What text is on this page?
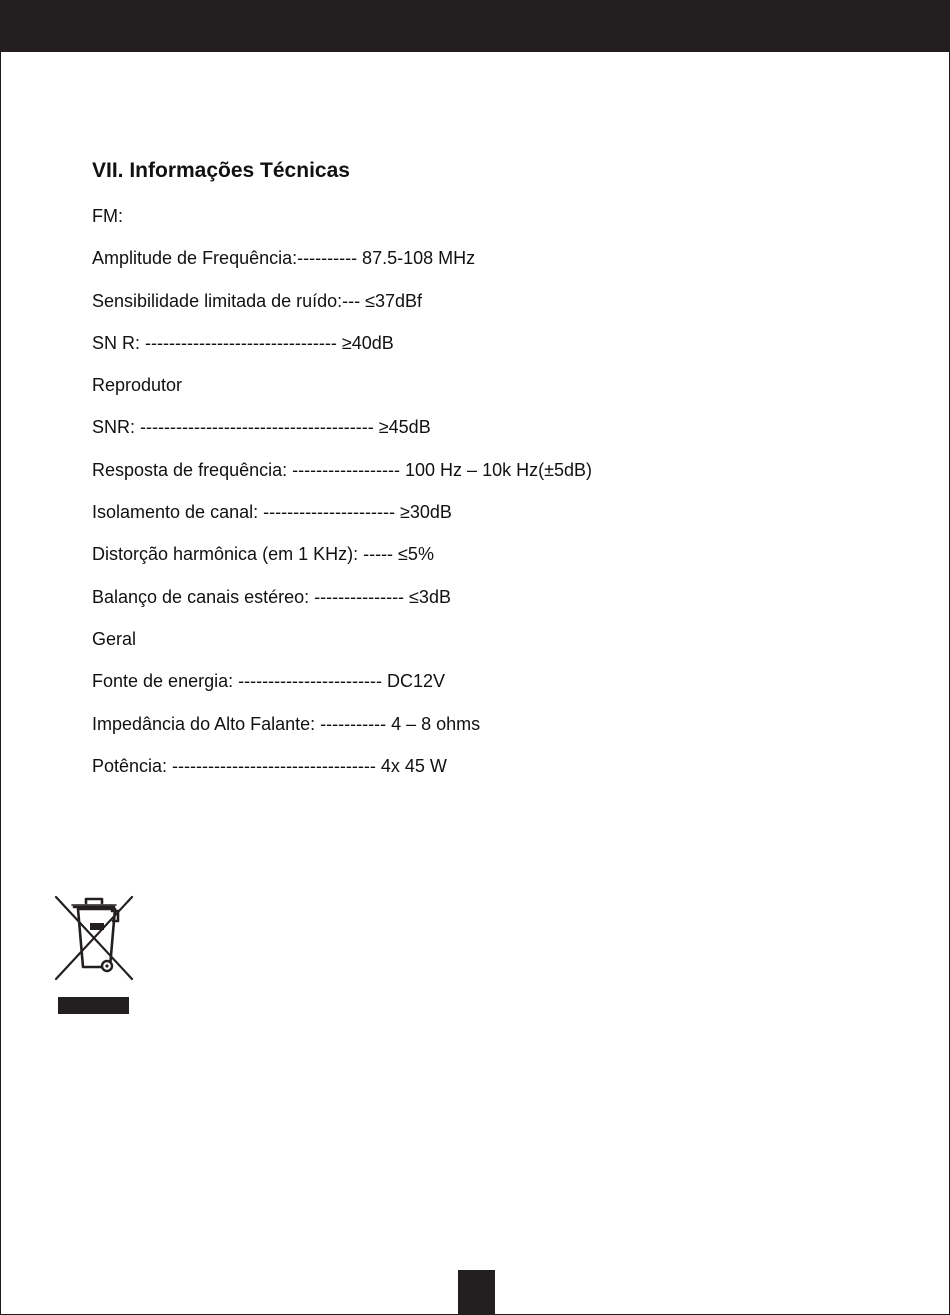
VII. Informações Técnicas
FM:
Amplitude de Frequência:---------- 87.5-108 MHz
Sensibilidade limitada de ruído:--- ≤37dBf
SN R: -------------------------------- ≥40dB
Reprodutor
SNR: --------------------------------------- ≥45dB
Resposta de frequência: ------------------ 100 Hz – 10k Hz(±5dB)
Isolamento de canal: ---------------------- ≥30dB
Distorção harmônica (em 1 KHz): ----- ≤5%
Balanço de canais estéreo: --------------- ≤3dB
Geral
Fonte de energia: ------------------------ DC12V
Impedância do Alto Falante: ----------- 4 – 8 ohms
Potência: ---------------------------------- 4x 45 W
